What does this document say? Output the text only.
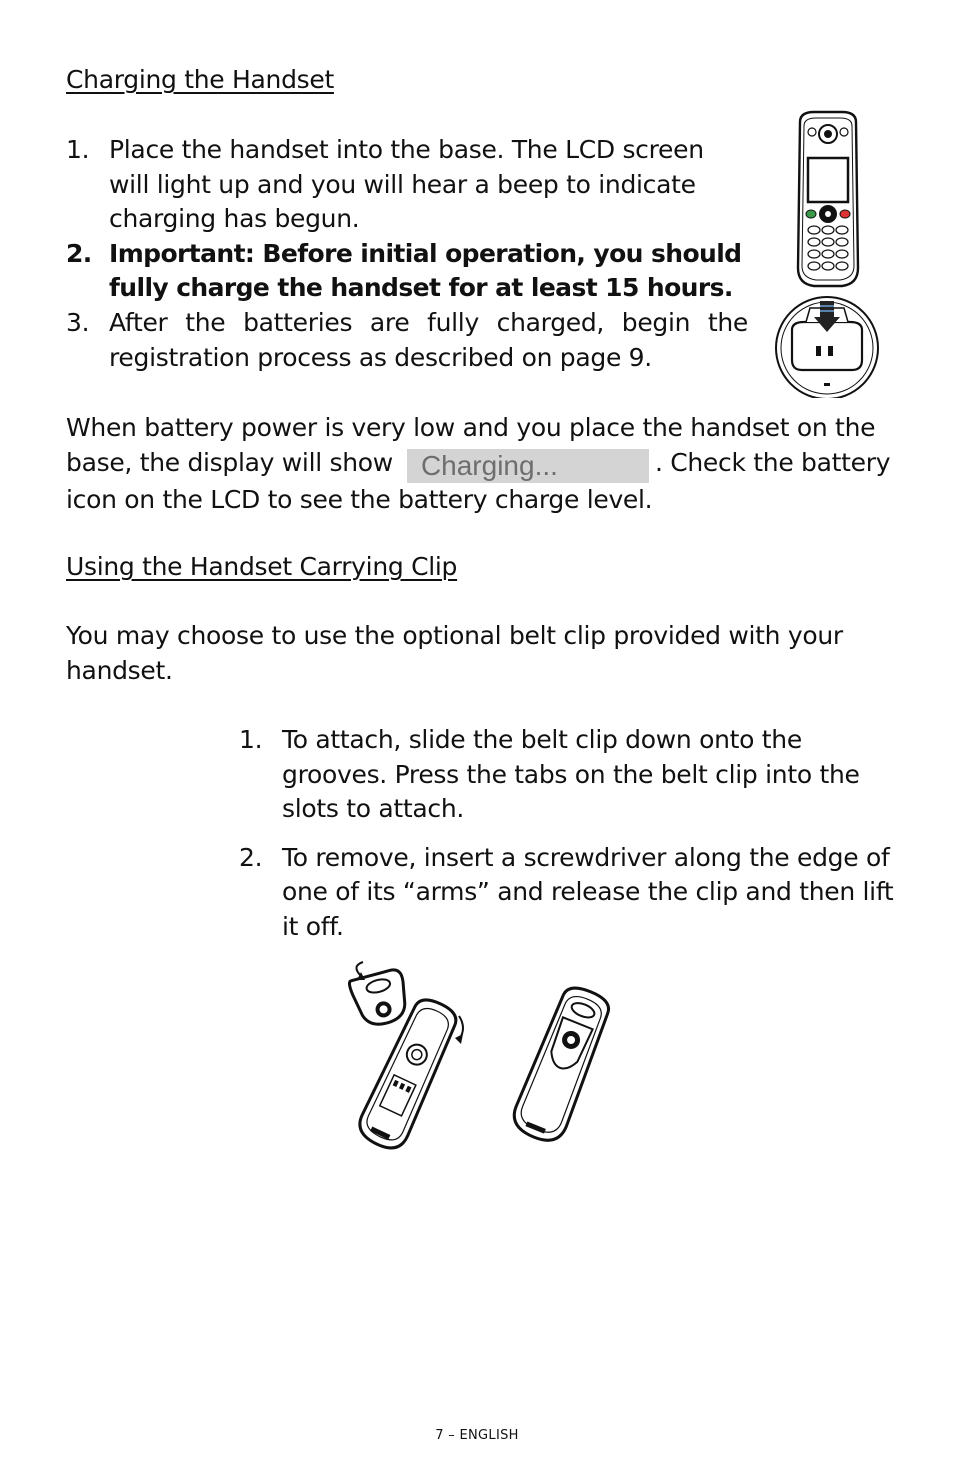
Charging the Handset
1. Place the handset into the base. The LCD screen will light up and you will hear a beep to indicate charging has begun.
2. Important: Before initial operation, you should fully charge the handset for at least 15 hours.
3. After the batteries are fully charged, begin the registration process as described on page 9.

When battery power is very low and you place the handset on the base, the display will show Charging...	. Check the battery icon on the LCD to see the battery charge level.

Using the Handset Carrying Clip

You may choose to use the optional belt clip provided with your handset.

1. To attach, slide the belt clip down onto the grooves. Press the tabs on the belt clip into the slots to attach.
2. To remove, insert a screwdriver along the edge of one of its “arms” and release the clip and then lift it off.
7 – ENGLISH
